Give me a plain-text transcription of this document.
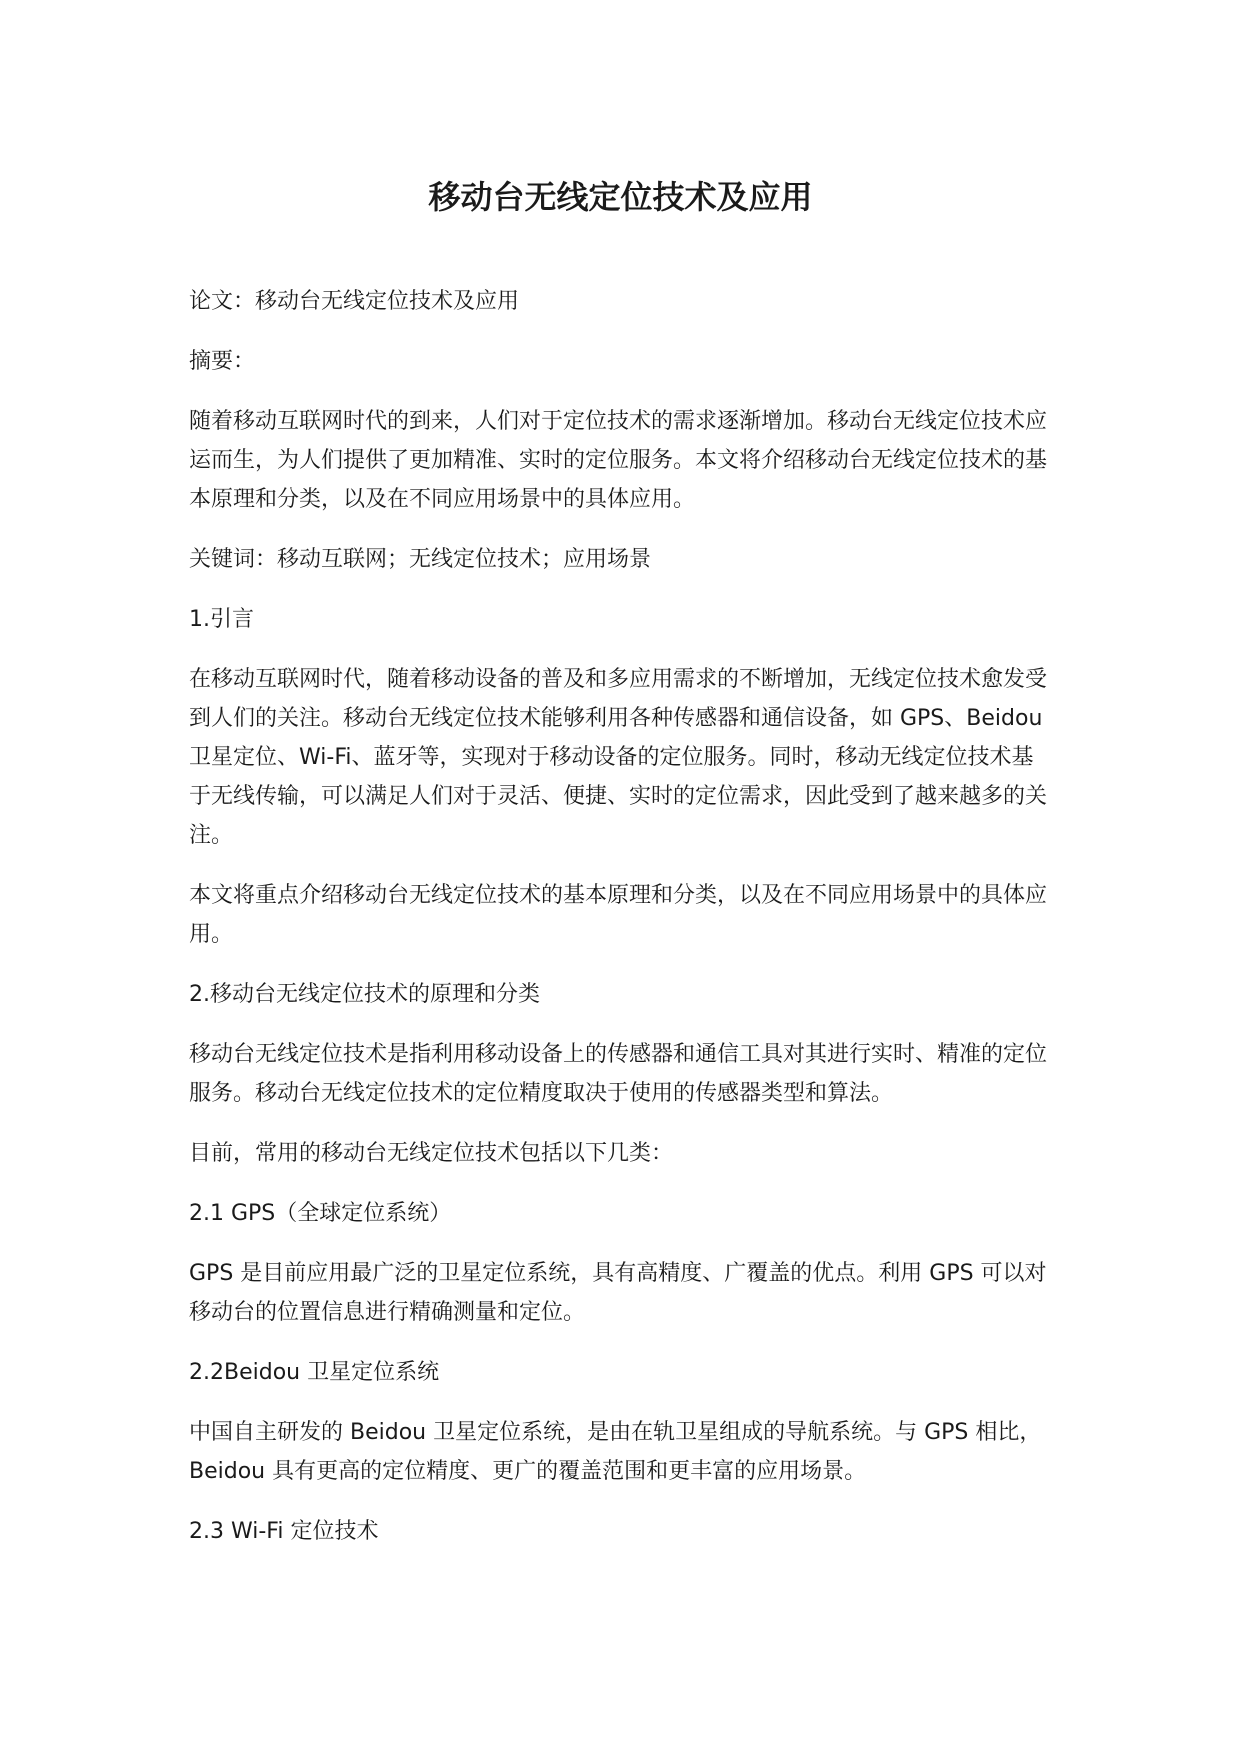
移动台无线定位技术及应用

论文：移动台无线定位技术及应用

摘要：

随着移动互联网时代的到来，人们对于定位技术的需求逐渐增加。移动台无线定位技术应运而生，为人们提供了更加精准、实时的定位服务。本文将介绍移动台无线定位技术的基本原理和分类，以及在不同应用场景中的具体应用。

关键词：移动互联网；无线定位技术；应用场景

1.引言

在移动互联网时代，随着移动设备的普及和多应用需求的不断增加，无线定位技术愈发受到人们的关注。移动台无线定位技术能够利用各种传感器和通信设备，如 GPS、Beidou 卫星定位、Wi-Fi、蓝牙等，实现对于移动设备的定位服务。同时，移动无线定位技术基于无线传输，可以满足人们对于灵活、便捷、实时的定位需求，因此受到了越来越多的关注。

本文将重点介绍移动台无线定位技术的基本原理和分类，以及在不同应用场景中的具体应用。

2.移动台无线定位技术的原理和分类

移动台无线定位技术是指利用移动设备上的传感器和通信工具对其进行实时、精准的定位服务。移动台无线定位技术的定位精度取决于使用的传感器类型和算法。

目前，常用的移动台无线定位技术包括以下几类：

2.1 GPS（全球定位系统）

GPS 是目前应用最广泛的卫星定位系统，具有高精度、广覆盖的优点。利用 GPS 可以对移动台的位置信息进行精确测量和定位。

2.2Beidou 卫星定位系统

中国自主研发的 Beidou 卫星定位系统，是由在轨卫星组成的导航系统。与 GPS 相比，Beidou 具有更高的定位精度、更广的覆盖范围和更丰富的应用场景。

2.3 Wi-Fi 定位技术
